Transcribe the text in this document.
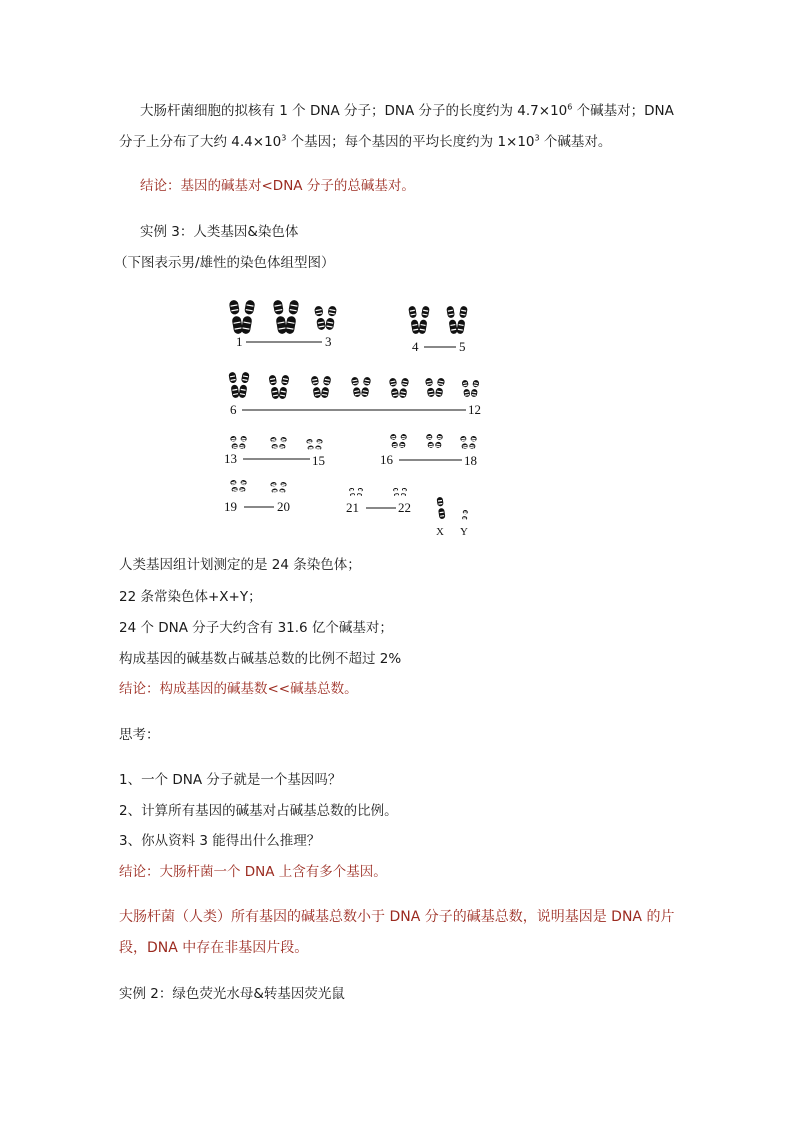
大肠杆菌细胞的拟核有 1 个 DNA 分子；DNA 分子的长度约为 $4.7\times 10^6$ 个碱基对；DNA
分子上分布了大约 $4.4\times 10^3$ 个基因；每个基因的平均长度约为 $1\times 10^3$ 个碱基对。
结论：基因的碱基对<DNA 分子的总碱基对。
实例 3：人类基因&染色体
（下图表示男/雄性的染色体组型图）
1	3	4	5
6	12
13	15	16	18
19	20	21	22
X Y
人类基因组计划测定的是 24 条染色体；
22 条常染色体+X+Y；
24 个 DNA 分子大约含有 31.6 亿个碱基对；
构成基因的碱基数占碱基总数的比例不超过 2%
结论：构成基因的碱基数<<碱基总数。
思考：
1、一个 DNA 分子就是一个基因吗？
2、计算所有基因的碱基对占碱基总数的比例。
3、你从资料 3 能得出什么推理？
结论：大肠杆菌一个 DNA 上含有多个基因。
大肠杆菌（人类）所有基因的碱基总数小于 DNA 分子的碱基总数，说明基因是 DNA 的片
段，DNA 中存在非基因片段。
实例 2：绿色荧光水母&转基因荧光鼠
